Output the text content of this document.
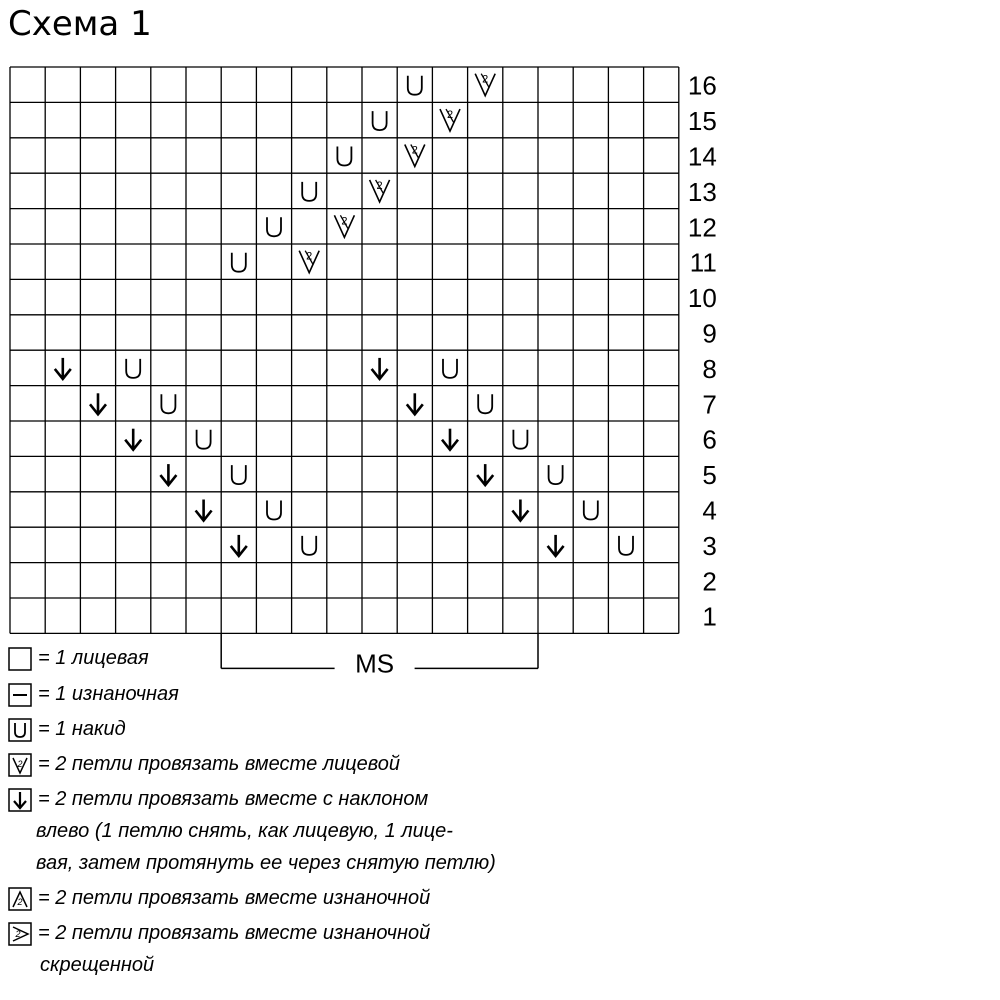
Схема 1
16
15
14
13
12
11
10
9
8
7
6
5
4
3
2
1
2
2
2
2
2
2
MS
= 1 лицевая
= 1 изнаночная
= 1 накид
2 = 2 петли провязать вместе лицевой
= 2 петли провязать вместе с наклоном
влево (1 петлю снять, как лицевую, 1 лице-
вая, затем протянуть ее через снятую петлю)
2 = 2 петли провязать вместе изнаночной
2 = 2 петли провязать вместе изнаночной
скрещенной
